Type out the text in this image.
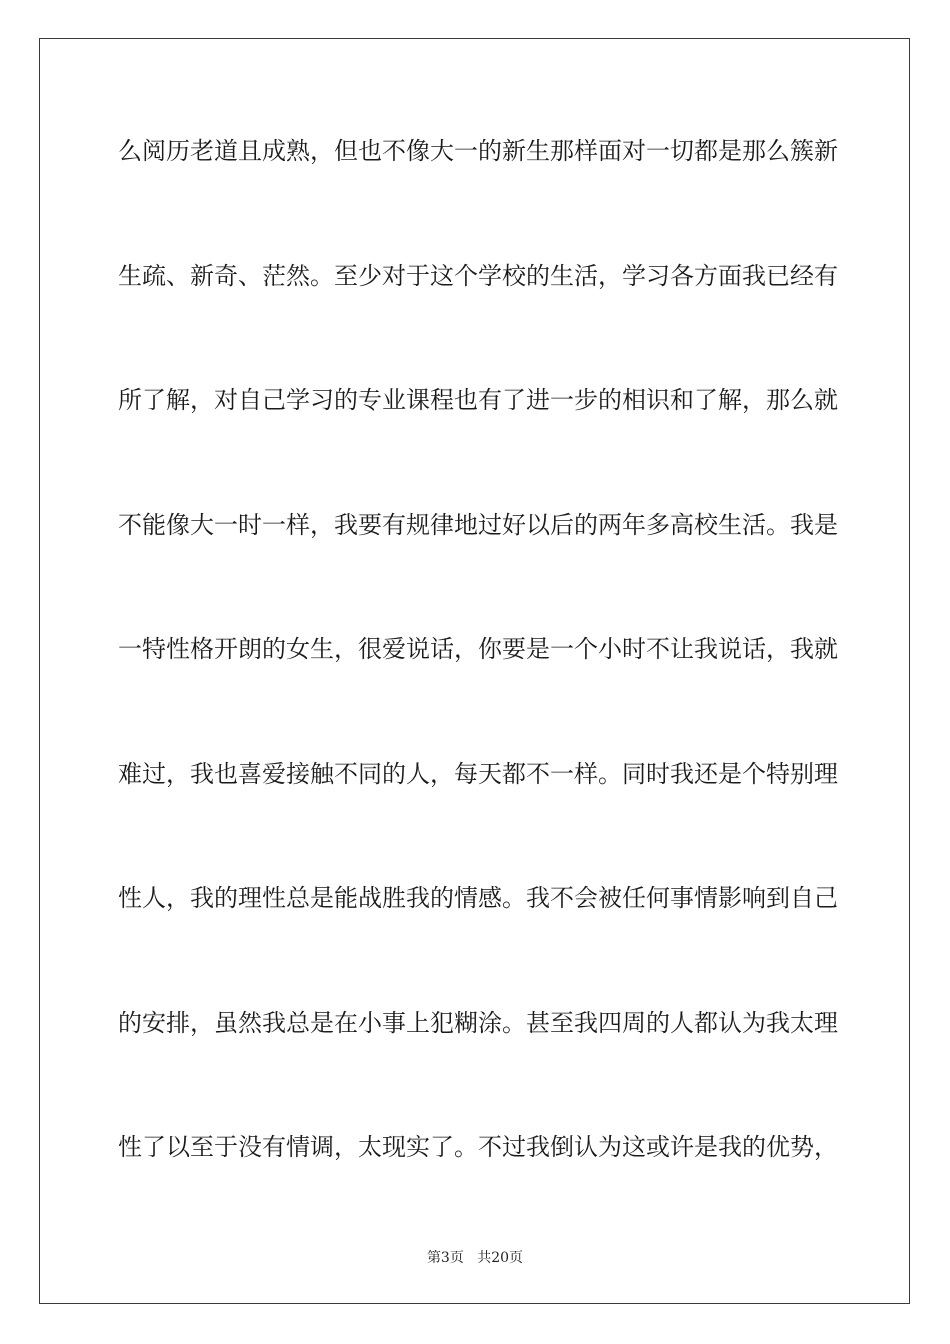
么阅历老道且成熟，但也不像大一的新生那样面对一切都是那么簇新
生疏、新奇、茫然。至少对于这个学校的生活，学习各方面我已经有
所了解，对自己学习的专业课程也有了进一步的相识和了解，那么就
不能像大一时一样，我要有规律地过好以后的两年多高校生活。我是
一特性格开朗的女生，很爱说话，你要是一个小时不让我说话，我就
难过，我也喜爱接触不同的人，每天都不一样。同时我还是个特别理
性人，我的理性总是能战胜我的情感。我不会被任何事情影响到自己
的安排，虽然我总是在小事上犯糊涂。甚至我四周的人都认为我太理
性了以至于没有情调，太现实了。不过我倒认为这或许是我的优势，
第3页 共20页
